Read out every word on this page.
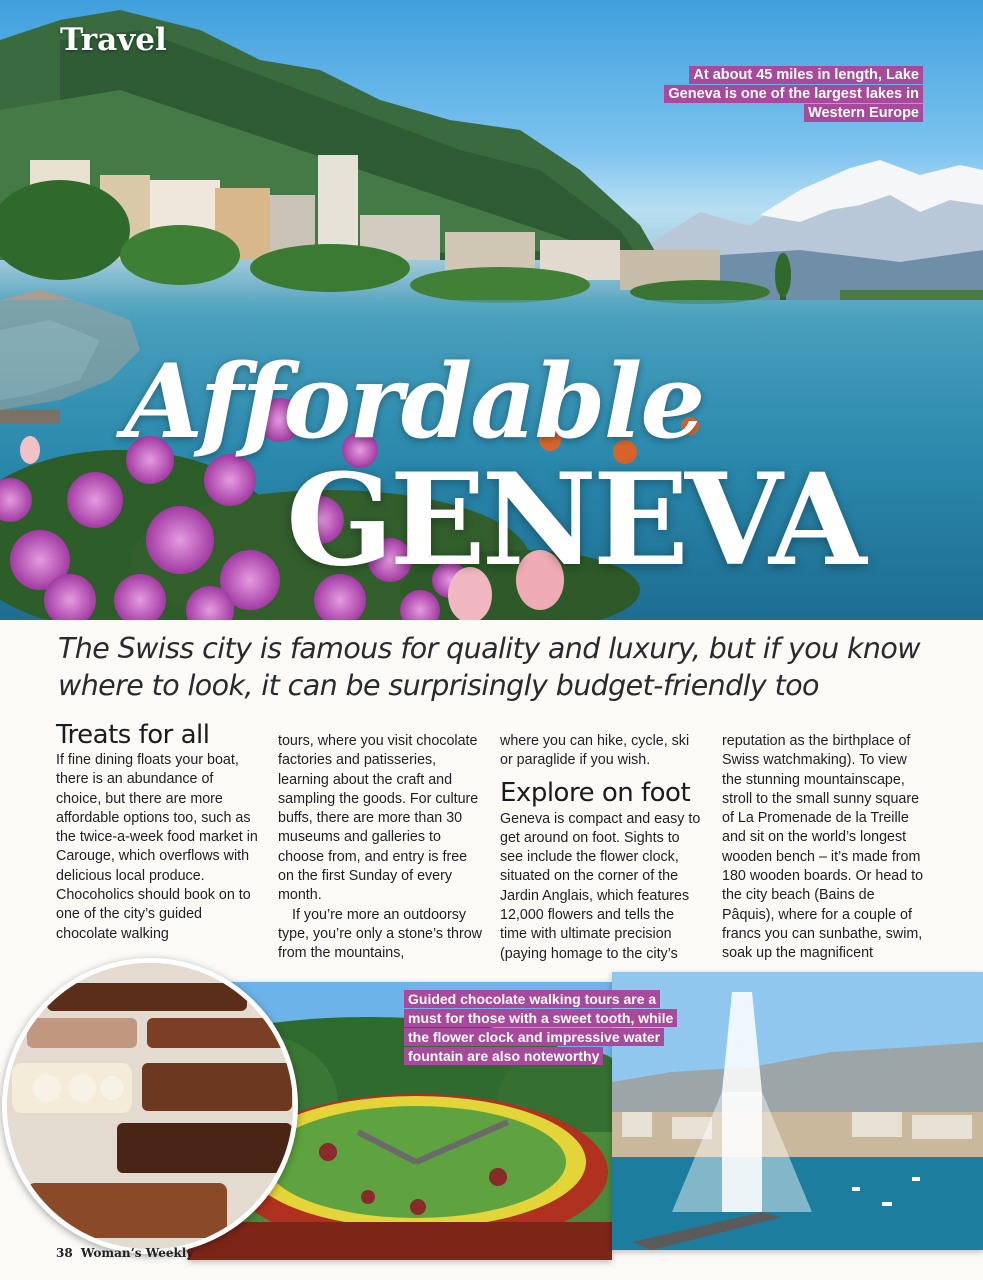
Travel
At about 45 miles in length, Lake Geneva is one of the largest lakes in Western Europe
Affordable
GENEVA
The Swiss city is famous for quality and luxury, but if you know where to look, it can be surprisingly budget-friendly too
Treats for all

If fine dining floats your boat, there is an abundance of choice, but there are more affordable options too, such as the twice-a-week food market in Carouge, which overflows with delicious local produce. Chocoholics should book on to one of the city’s guided chocolate walking

tours, where you visit chocolate factories and patisseries, learning about the craft and sampling the goods. For culture buffs, there are more than 30 museums and galleries to choose from, and entry is free on the first Sunday of every month.

If you’re more an outdoorsy type, you’re only a stone’s throw from the mountains,

where you can hike, cycle, ski or paraglide if you wish.

Explore on foot

Geneva is compact and easy to get around on foot. Sights to see include the flower clock, situated on the corner of the Jardin Anglais, which features 12,000 flowers and tells the time with ultimate precision (paying homage to the city’s

reputation as the birthplace of Swiss watchmaking). To view the stunning mountainscape, stroll to the small sunny square of La Promenade de la Treille and sit on the world’s longest wooden bench – it’s made from 180 wooden boards. Or head to the city beach (Bains de Pâquis), where for a couple of francs you can sunbathe, swim, soak up the magnificent

Guided chocolate walking tours are a must for those with a sweet tooth, while the flower clock and impressive water fountain are also noteworthy
38 Woman’s Weekly
